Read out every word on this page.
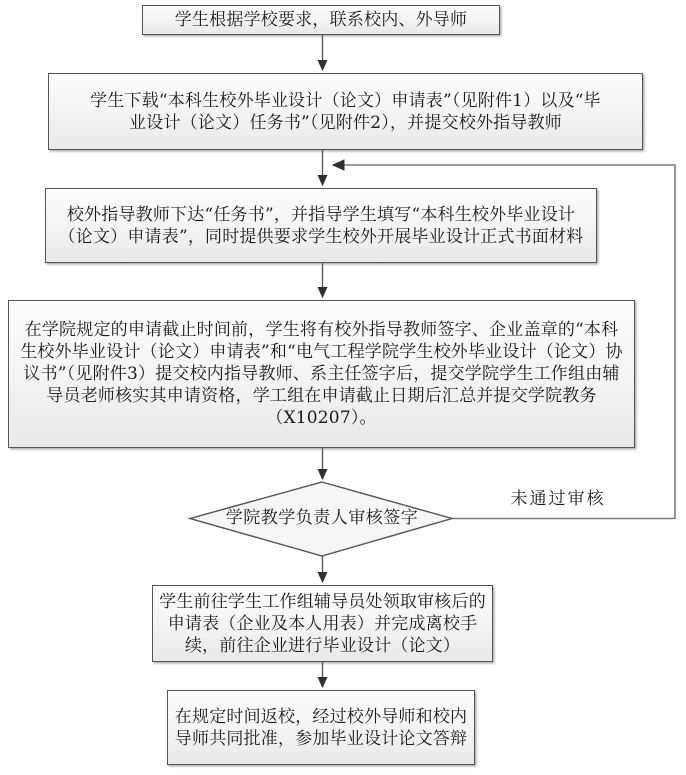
学生根据学校要求，联系校内、外导师
学生下载“本科生校外毕业设计（论文）申请表”（见附件1）以及“毕业设计（论文）任务书”（见附件2），并提交校外指导教师
校外指导教师下达“任务书”，并指导学生填写“本科生校外毕业设计（论文）申请表”，同时提供要求学生校外开展毕业设计正式书面材料
在学院规定的申请截止时间前，学生将有校外指导教师签字、企业盖章的“本科生校外毕业设计（论文）申请表”和“电气工程学院学生校外毕业设计（论文）协议书”（见附件3）提交校内指导教师、系主任签字后，提交学院学生工作组由辅导员老师核实其申请资格，学工组在申请截止日期后汇总并提交学院教务（X10207）。
学院教学负责人审核签字
未通过审核
学生前往学生工作组辅导员处领取审核后的申请表（企业及本人用表）并完成离校手续，前往企业进行毕业设计（论文）
在规定时间返校，经过校外导师和校内导师共同批准，参加毕业设计论文答辩
